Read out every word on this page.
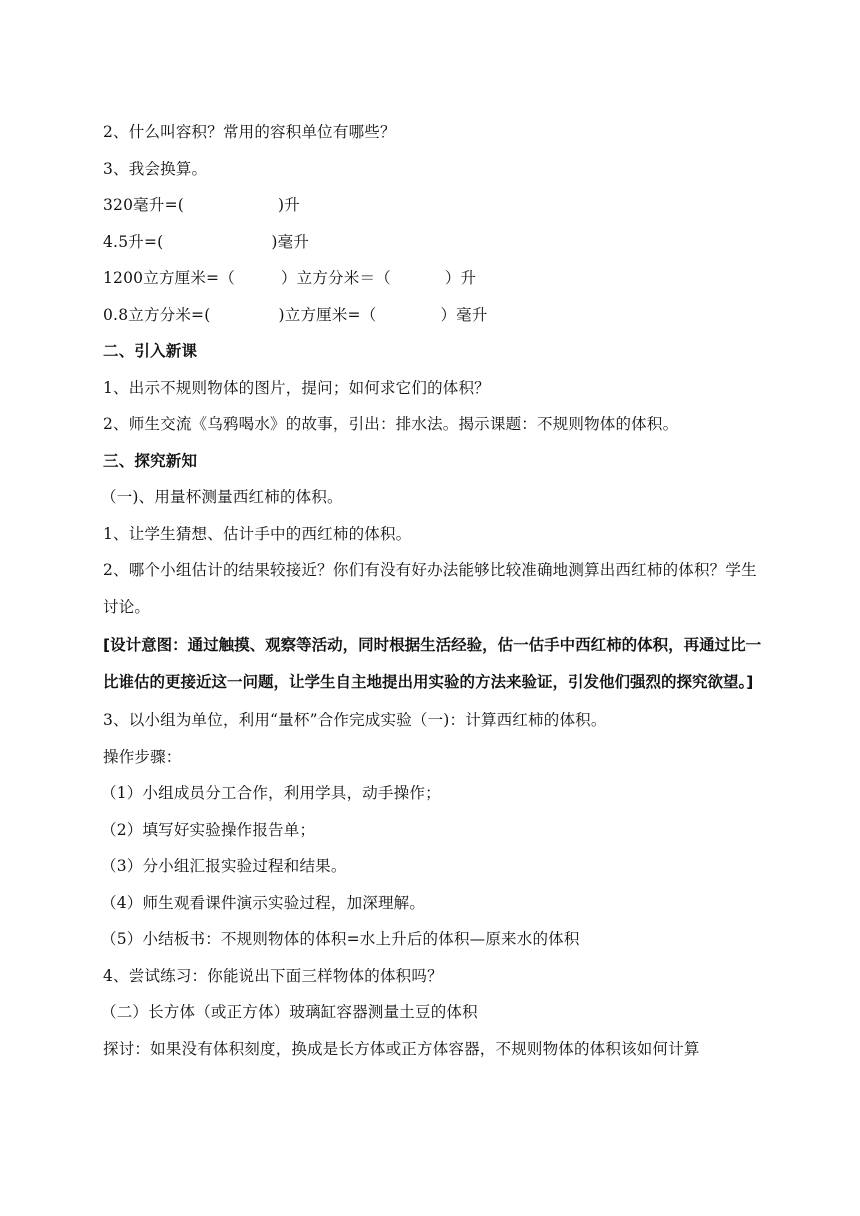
2、什么叫容积？常用的容积单位有哪些？
3、我会换算。
320毫升=(	)升
4.5升=(	)毫升
1200立方厘米=（	）立方分米＝（	）升
0.8立方分米=(	)立方厘米=（	）毫升
二、引入新课
1、出示不规则物体的图片，提问；如何求它们的体积？
2、师生交流《乌鸦喝水》的故事，引出：排水法。揭示课题：不规则物体的体积。
三、探究新知
（一)、用量杯测量西红柿的体积。
1、让学生猜想、估计手中的西红柿的体积。
2、哪个小组估计的结果较接近？你们有没有好办法能够比较准确地测算出西红柿的体积？学生讨论。
[设计意图：通过触摸、观察等活动，同时根据生活经验，估一估手中西红柿的体积，再通过比一比谁估的更接近这一问题，让学生自主地提出用实验的方法来验证，引发他们强烈的探究欲望。]
3、以小组为单位，利用“量杯”合作完成实验（一)：计算西红柿的体积。
操作步骤：
（1）小组成员分工合作，利用学具，动手操作；
（2）填写好实验操作报告单；
（3）分小组汇报实验过程和结果。
（4）师生观看课件演示实验过程，加深理解。
（5）小结板书：不规则物体的体积=水上升后的体积—原来水的体积
4、尝试练习：你能说出下面三样物体的体积吗？
（二）长方体（或正方体）玻璃缸容器测量土豆的体积
探讨：如果没有体积刻度，换成是长方体或正方体容器，不规则物体的体积该如何计算
